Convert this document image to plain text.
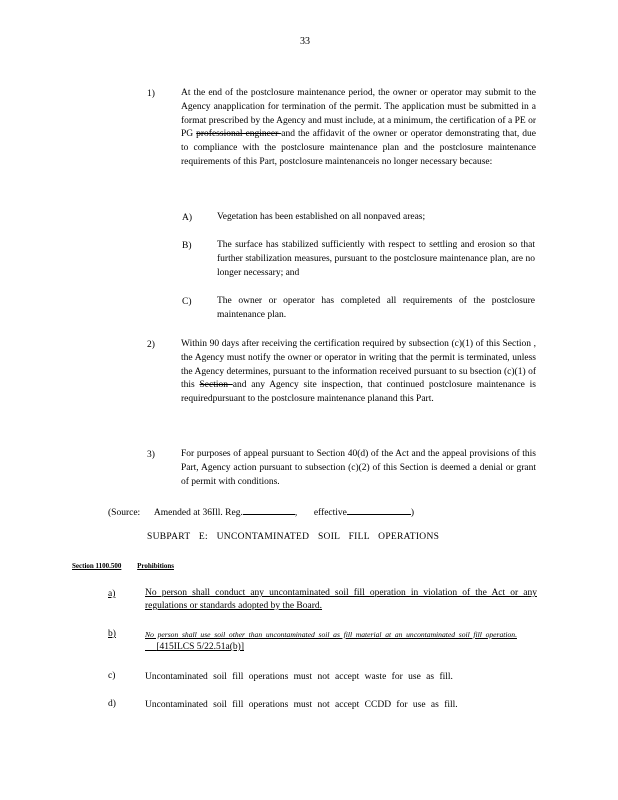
33
1)	At the end of the postclosure maintenance period, the owner or operator may submit to the Agency anapplication for termination of the permit. The application must be submitted in a format prescribed by the Agency and must include, at a minimum, the certification of a PE or PG professional engineer and the affidavit of the owner or operator demonstrating that, due to compliance with the postclosure maintenance plan and the postclosure maintenance requirements of this Part, postclosure maintenanceis no longer necessary because:

A)	Vegetation has been established on all nonpaved areas;
B)	The surface has stabilized sufficiently with respect to settling and erosion so that further stabilization measures, pursuant to the postclosure maintenance plan, are no longer necessary; and
C)	The owner or operator has completed all requirements of the postclosure maintenance plan.
2)	Within 90 days after receiving the certification required by subsection (c)(1) of this Section , the Agency must notify the owner or operator in writing that the permit is terminated, unless the Agency determines, pursuant to the information received pursuant to su bsection (c)(1) of this Section and any Agency site inspection, that continued postclosure maintenance is requiredpursuant to the postclosure maintenance planand this Part.

3)	For purposes of appeal pursuant to Section 40(d) of the Act and the appeal provisions of this Part, Agency action pursuant to subsection (c)(2) of this Section is deemed a denial or grant of permit with conditions.
(Source: Amended at 36Ill. Reg.	, effective	)
SUBPART E: UNCONTAMINATED SOIL FILL OPERATIONS
Section 1100.500 Prohibitions
a)	No person shall conduct any uncontaminated soil fill operation in violation of the Act or any regulations or standards adopted by the Board.
b)	No person shall use soil other than uncontaminated soil as fill material at an uncontaminated soil fill operation.       [415ILCS 5/22.51a(b)]
c)	Uncontaminated soil fill operations must not accept waste for use as fill.
d)	Uncontaminated soil fill operations must not accept CCDD for use as fill.
